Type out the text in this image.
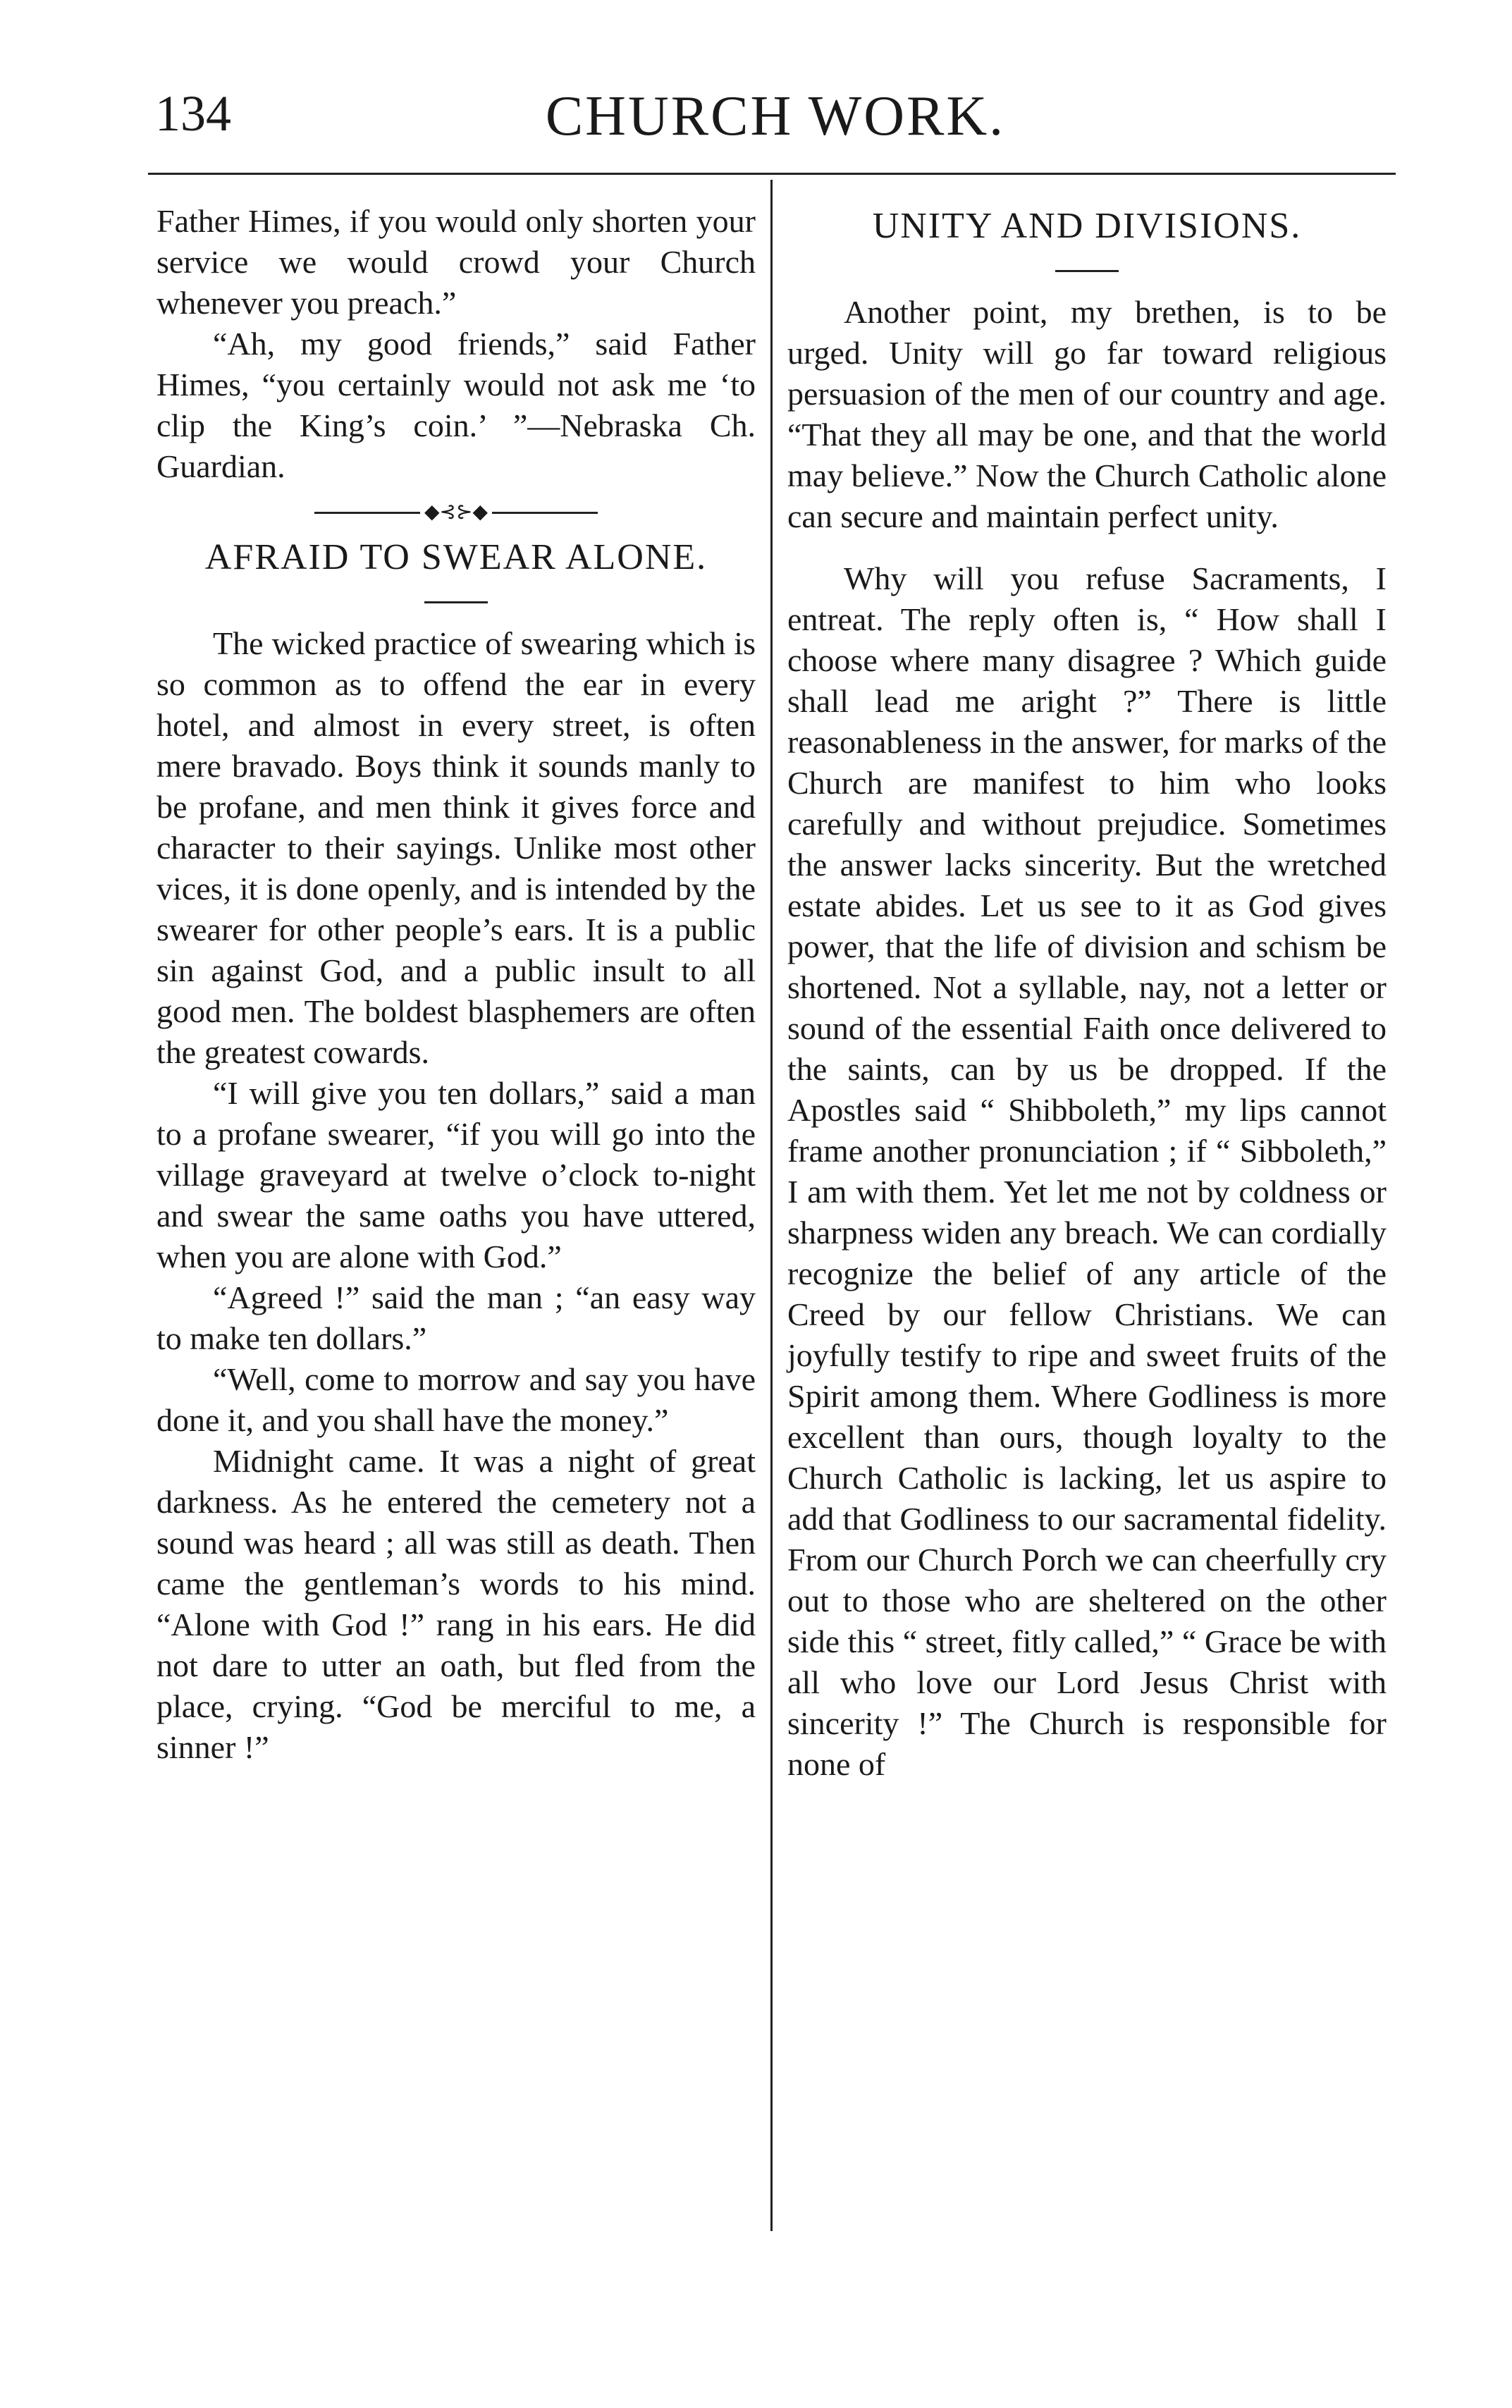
134	CHURCH WORK.

Father Himes, if you would only shorten your service we would crowd your Church whenever you preach.”

“Ah, my good friends,” said Father Himes, “you certainly would not ask me ‘to clip the King’s coin.’ ”—Nebraska Ch. Guardian.

◆⊰⊱◆
AFRAID TO SWEAR ALONE.

The wicked practice of swearing which is so common as to offend the ear in every hotel, and almost in every street, is often mere bravado. Boys think it sounds manly to be profane, and men think it gives force and character to their sayings. Unlike most other vices, it is done openly, and is intended by the swearer for other people’s ears. It is a public sin against God, and a public insult to all good men. The boldest blasphemers are often the greatest cowards.

“I will give you ten dollars,” said a man to a profane swearer, “if you will go into the village graveyard at twelve o’clock to-night and swear the same oaths you have uttered, when you are alone with God.”

“Agreed !” said the man ; “an easy way to make ten dollars.”

“Well, come to morrow and say you have done it, and you shall have the money.”

Midnight came. It was a night of great darkness. As he entered the cemetery not a sound was heard ; all was still as death. Then came the gentleman’s words to his mind. “Alone with God !” rang in his ears. He did not dare to utter an oath, but fled from the place, crying. “God be merciful to me, a sinner !”

UNITY AND DIVISIONS.

Another point, my brethen, is to be urged. Unity will go far toward religious persuasion of the men of our country and age. “That they all may be one, and that the world may believe.” Now the Church Catholic alone can secure and maintain perfect unity.

Why will you refuse Sacraments, I entreat. The reply often is, “ How shall I choose where many disagree ? Which guide shall lead me aright ?” There is little reasonableness in the answer, for marks of the Church are manifest to him who looks carefully and without prejudice. Sometimes the answer lacks sincerity. But the wretched estate abides. Let us see to it as God gives power, that the life of division and schism be shortened. Not a syllable, nay, not a letter or sound of the essential Faith once delivered to the saints, can by us be dropped. If the Apostles said “ Shibboleth,” my lips cannot frame another pronunciation ; if “ Sibboleth,” I am with them. Yet let me not by coldness or sharpness widen any breach. We can cordially recognize the belief of any article of the Creed by our fellow Christians. We can joyfully testify to ripe and sweet fruits of the Spirit among them. Where Godliness is more excellent than ours, though loyalty to the Church Catholic is lacking, let us aspire to add that Godliness to our sacramental fidelity. From our Church Porch we can cheerfully cry out to those who are sheltered on the other side this “ street, fitly called,” “ Grace be with all who love our Lord Jesus Christ with sincerity !” The Church is responsible for none of
